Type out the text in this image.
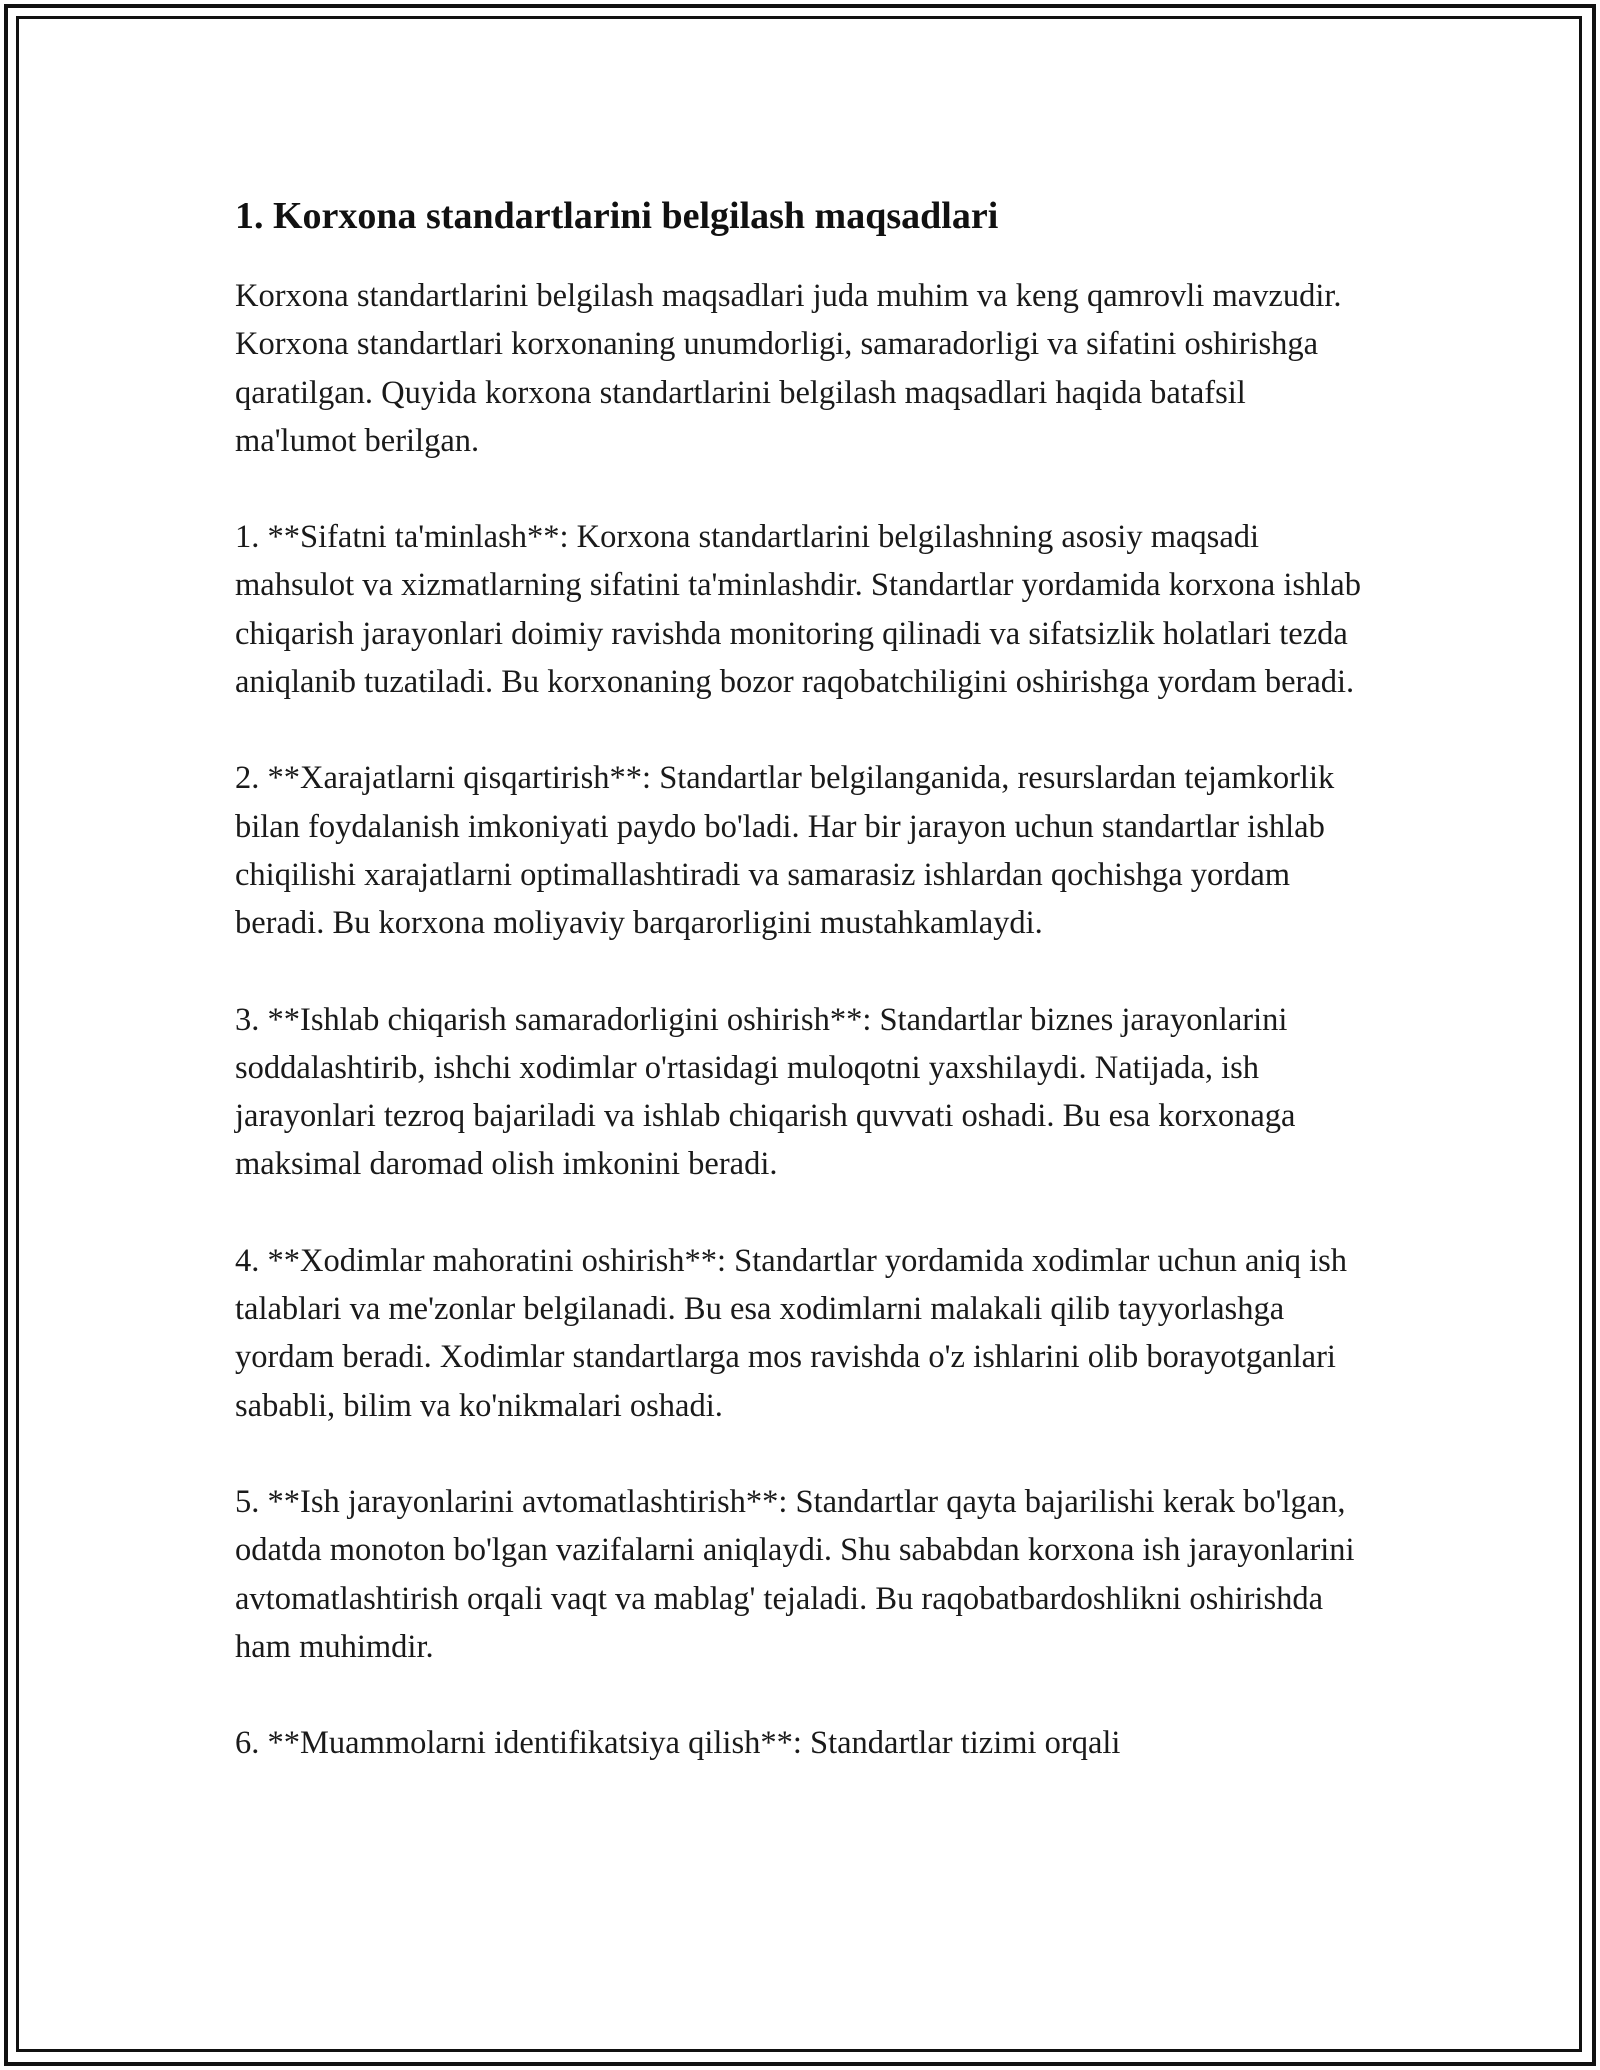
1. Korxona standartlarini belgilash maqsadlari

Korxona standartlarini belgilash maqsadlari juda muhim va keng qamrovli mavzudir. Korxona standartlari korxonaning unumdorligi, samaradorligi va sifatini oshirishga qaratilgan. Quyida korxona standartlarini belgilash maqsadlari haqida batafsil ma'lumot berilgan.

1. **Sifatni ta'minlash**: Korxona standartlarini belgilashning asosiy maqsadi mahsulot va xizmatlarning sifatini ta'minlashdir. Standartlar yordamida korxona ishlab chiqarish jarayonlari doimiy ravishda monitoring qilinadi va sifatsizlik holatlari tezda aniqlanib tuzatiladi. Bu korxonaning bozor raqobatchiligini oshirishga yordam beradi.

2. **Xarajatlarni qisqartirish**: Standartlar belgilanganida, resurslardan tejamkorlik bilan foydalanish imkoniyati paydo bo'ladi. Har bir jarayon uchun standartlar ishlab chiqilishi xarajatlarni optimallashtiradi va samarasiz ishlardan qochishga yordam beradi. Bu korxona moliyaviy barqarorligini mustahkamlaydi.

3. **Ishlab chiqarish samaradorligini oshirish**: Standartlar biznes jarayonlarini soddalashtirib, ishchi xodimlar o'rtasidagi muloqotni yaxshilaydi. Natijada, ish jarayonlari tezroq bajariladi va ishlab chiqarish quvvati oshadi. Bu esa korxonaga maksimal daromad olish imkonini beradi.

4. **Xodimlar mahoratini oshirish**: Standartlar yordamida xodimlar uchun aniq ish talablari va me'zonlar belgilanadi. Bu esa xodimlarni malakali qilib tayyorlashga yordam beradi. Xodimlar standartlarga mos ravishda o'z ishlarini olib borayotganlari sababli, bilim va ko'nikmalari oshadi.

5. **Ish jarayonlarini avtomatlashtirish**: Standartlar qayta bajarilishi kerak bo'lgan, odatda monoton bo'lgan vazifalarni aniqlaydi. Shu sababdan korxona ish jarayonlarini avtomatlashtirish orqali vaqt va mablag' tejaladi. Bu raqobatbardoshlikni oshirishda ham muhimdir.

6. **Muammolarni identifikatsiya qilish**: Standartlar tizimi orqali
